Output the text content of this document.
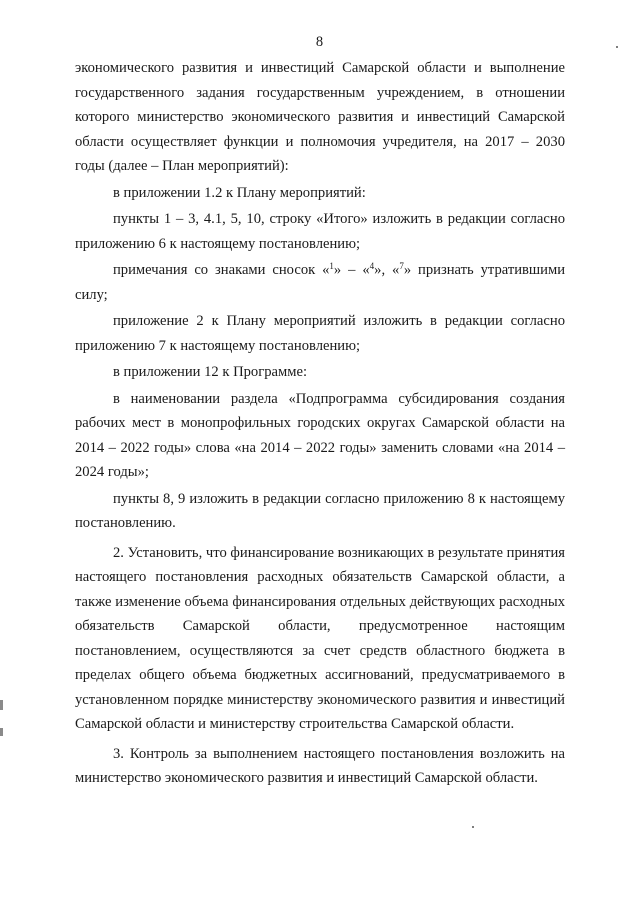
8

экономического развития и инвестиций Самарской области и выполнение государственного задания государственным учреждением, в отношении которого министерство экономического развития и инвестиций Самарской области осуществляет функции и полномочия учредителя, на 2017 – 2030 годы (далее – План мероприятий):

в приложении 1.2 к Плану мероприятий:

пункты 1 – 3, 4.1, 5, 10, строку «Итого» изложить в редакции согласно приложению 6 к настоящему постановлению;

примечания со знаками сносок «$^1$» – «$^4$», «$^7$» признать утратившими силу;

приложение 2 к Плану мероприятий изложить в редакции согласно приложению 7 к настоящему постановлению;

в приложении 12 к Программе:

в наименовании раздела «Подпрограмма субсидирования создания рабочих мест в монопрофильных городских округах Самарской области на 2014 – 2022 годы» слова «на 2014 – 2022 годы» заменить словами «на 2014 – 2024 годы»;

пункты 8, 9 изложить в редакции согласно приложению 8 к настоящему постановлению.

2. Установить, что финансирование возникающих в результате принятия настоящего постановления расходных обязательств Самарской области, а также изменение объема финансирования отдельных действующих расходных обязательств Самарской области, предусмотренное настоящим постановлением, осуществляются за счет средств областного бюджета в пределах общего объема бюджетных ассигнований, предусматриваемого в установленном порядке министерству экономического развития и инвестиций Самарской области и министерству строительства Самарской области.

3. Контроль за выполнением настоящего постановления возложить на министерство экономического развития и инвестиций Самарской области.
